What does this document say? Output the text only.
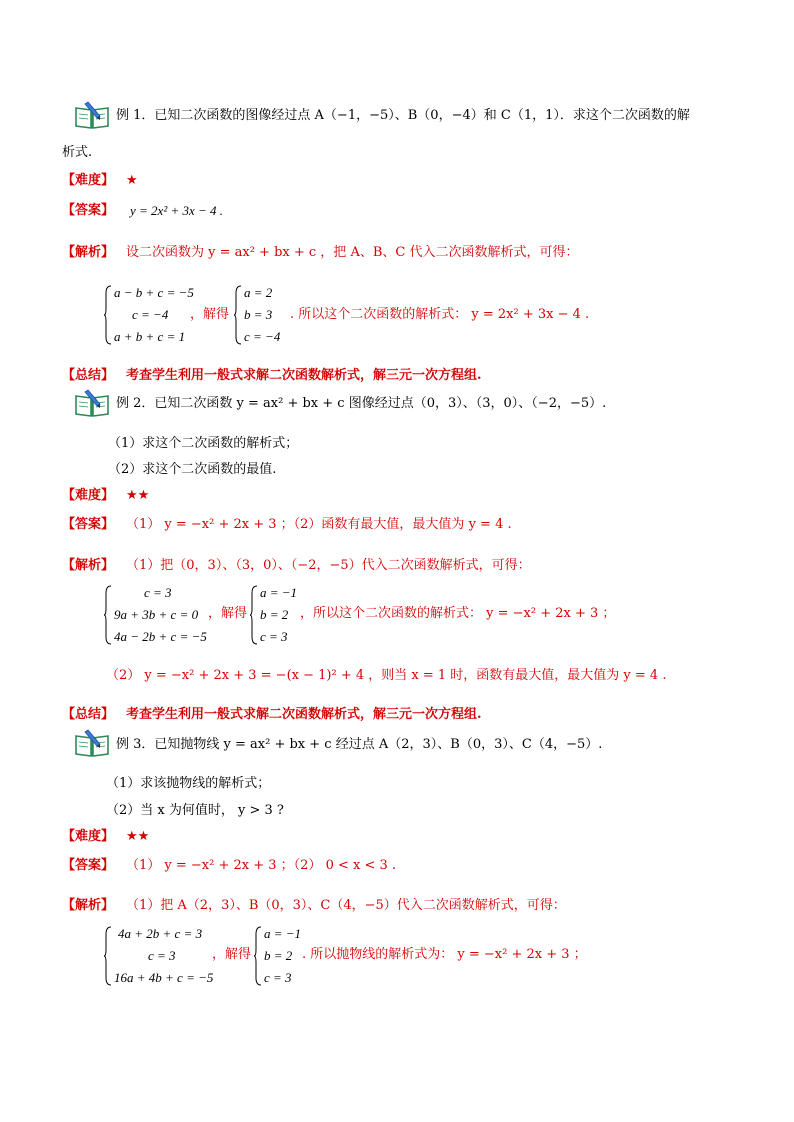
例 1．已知二次函数的图像经过点 A（−1，−5）、B（0，−4）和 C（1，1）．求这个二次函数的解
析式.
【难度】 ★
【答案】 y = 2x² + 3x − 4 .
【解析】 设二次函数为 y = ax² + bx + c ，把 A、B、C 代入二次函数解析式，可得：
a − b + c = −5
c = −4
a + b + c = 1
，解得
a = 2
b = 3
c = −4
. 所以这个二次函数的解析式： y = 2x² + 3x − 4 .
【总结】 考查学生利用一般式求解二次函数解析式，解三元一次方程组.
例 2．已知二次函数 y = ax² + bx + c 图像经过点（0，3）、（3，0）、（−2，−5）.
（1）求这个二次函数的解析式；
（2）求这个二次函数的最值.
【难度】 ★★
【答案】 （1） y = −x² + 2x + 3 ；（2）函数有最大值，最大值为 y = 4 .
【解析】 （1）把（0，3）、（3，0）、（−2，−5）代入二次函数解析式，可得：
c = 3
9a + 3b + c = 0
4a − 2b + c = −5
，解得
a = −1
b = 2
c = 3
，所以这个二次函数的解析式： y = −x² + 2x + 3 ；
（2） y = −x² + 2x + 3 = −(x − 1)² + 4 ，则当 x = 1 时，函数有最大值，最大值为 y = 4 .
【总结】 考查学生利用一般式求解二次函数解析式，解三元一次方程组.
例 3．已知抛物线 y = ax² + bx + c 经过点 A（2，3）、B（0，3）、C（4，−5）.
（1）求该抛物线的解析式；
（2）当 x 为何值时， y > 3 ?
【难度】 ★★
【答案】 （1） y = −x² + 2x + 3 ；（2） 0 < x < 3 .
【解析】 （1）把 A（2，3）、B（0，3）、C（4，−5）代入二次函数解析式，可得：
4a + 2b + c = 3
c = 3
16a + 4b + c = −5
，解得
a = −1
b = 2
c = 3
. 所以抛物线的解析式为： y = −x² + 2x + 3 ；
